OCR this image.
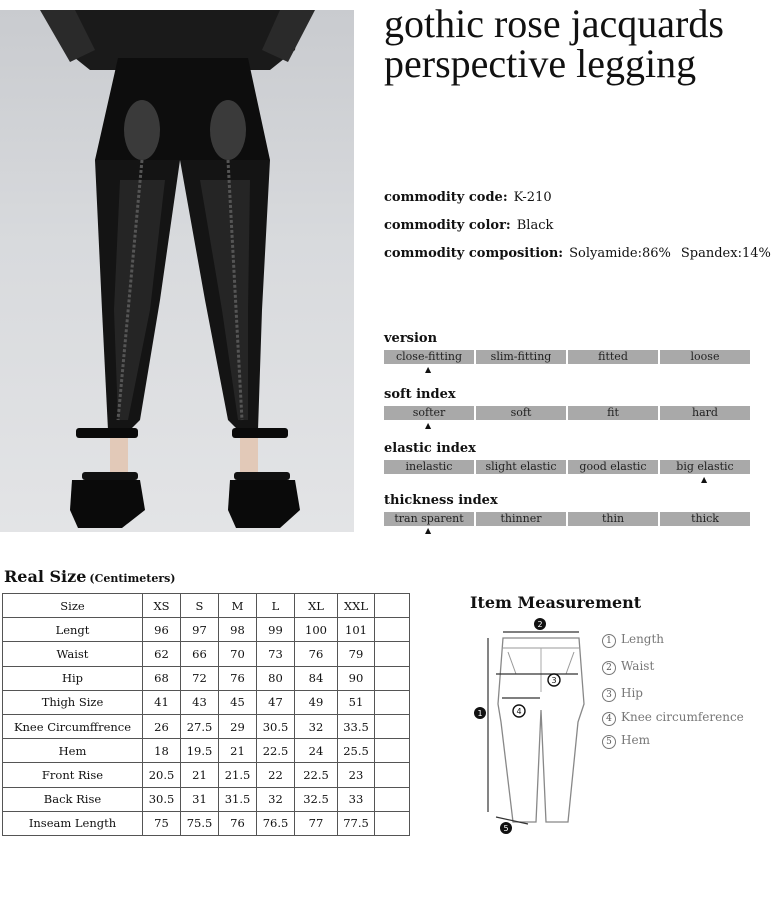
gothic rose jacquards perspective legging
commodity code: K-210
commodity color: Black
commodity composition: Solyamide:86% Spandex:14%
version
close-fitting	slim-fitting	fitted	loose
▲
soft index
softer	soft	fit	hard
▲
elastic index
inelastic	slight elastic	good elastic	big elastic
▲
thickness index
tran sparent	thinner	thin	thick
▲
Real Size (Centimeters)
Size	XS	S	M	L	XL	XXL	
Lengt	96	97	98	99	100	101	
Waist	62	66	70	73	76	79	
Hip	68	72	76	80	84	90	
Thigh Size	41	43	45	47	49	51	
Knee Circumffrence	26	27.5	29	30.5	32	33.5	
Hem	18	19.5	21	22.5	24	25.5	
Front Rise	20.5	21	21.5	22	22.5	23	
Back Rise	30.5	31	31.5	32	32.5	33	
Inseam Length	75	75.5	76	76.5	77	77.5	
Item Measurement
2
3
4
1
5
1 Length
2 Waist
3 Hip
4 Knee circumference
5 Hem
